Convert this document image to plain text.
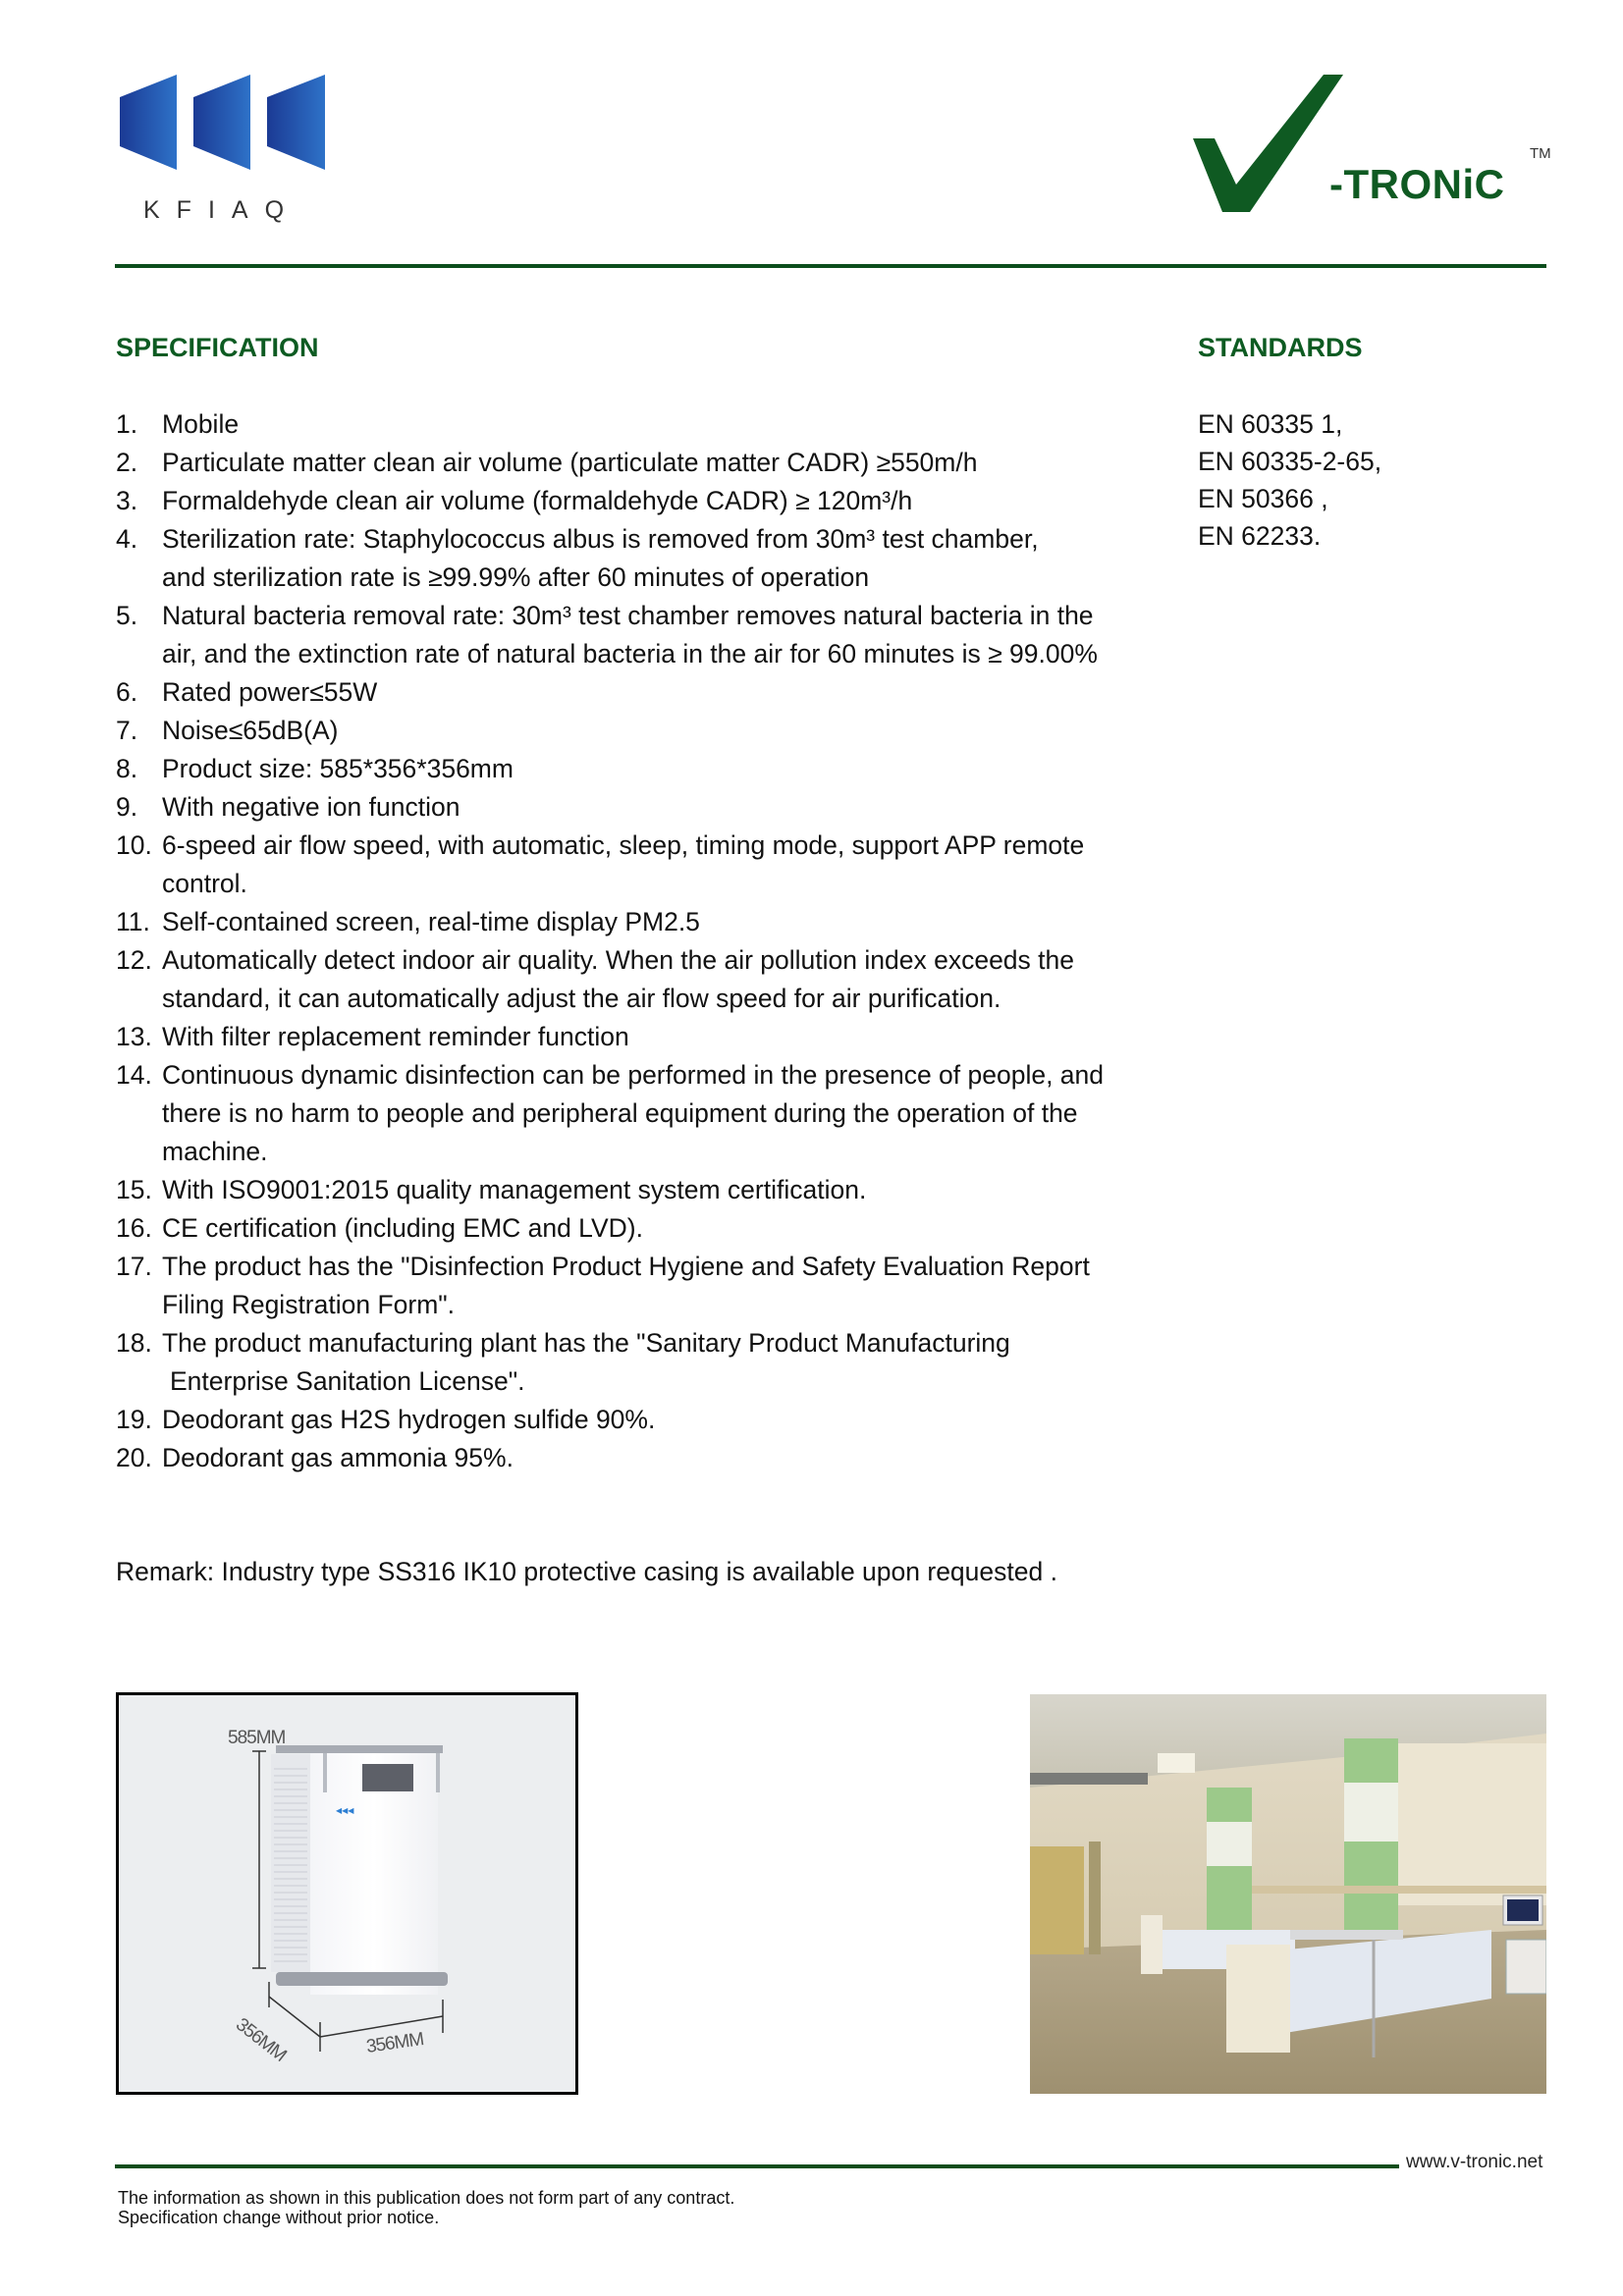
KFIAQ
-TRONiC
TM
SPECIFICATION	STANDARDS
1. Mobile
2. Particulate matter clean air volume (particulate matter CADR) ≥550m/h
3. Formaldehyde clean air volume (formaldehyde CADR) ≥ 120m³/h
4. Sterilization rate: Staphylococcus albus is removed from 30m³ test chamber,
and sterilization rate is ≥99.99% after 60 minutes of operation
5. Natural bacteria removal rate: 30m³ test chamber removes natural bacteria in the
air, and the extinction rate of natural bacteria in the air for 60 minutes is ≥ 99.00%
6. Rated power≤55W
7. Noise≤65dB(A)
8. Product size: 585*356*356mm
9. With negative ion function
10. 6-speed air flow speed, with automatic, sleep, timing mode, support APP remote
control.
11. Self-contained screen, real-time display PM2.5
12. Automatically detect indoor air quality. When the air pollution index exceeds the
standard, it can automatically adjust the air flow speed for air purification.
13. With filter replacement reminder function
14. Continuous dynamic disinfection can be performed in the presence of people, and
there is no harm to people and peripheral equipment during the operation of the
machine.
15. With ISO9001:2015 quality management system certification.
16. CE certification (including EMC and LVD).
17. The product has the "Disinfection Product Hygiene and Safety Evaluation Report
Filing Registration Form".
18. The product manufacturing plant has the "Sanitary Product Manufacturing
Enterprise Sanitation License".
19. Deodorant gas H2S hydrogen sulfide 90%.
20. Deodorant gas ammonia 95%.
EN 60335 1,
EN 60335-2-65,
EN 50366 ,
EN 62233.
Remark: Industry type SS316 IK10 protective casing is available upon requested .
◀◀◀
585MM
356MM	356MM
www.v-tronic.net
The information as shown in this publication does not form part of any contract.
Specification change without prior notice.
